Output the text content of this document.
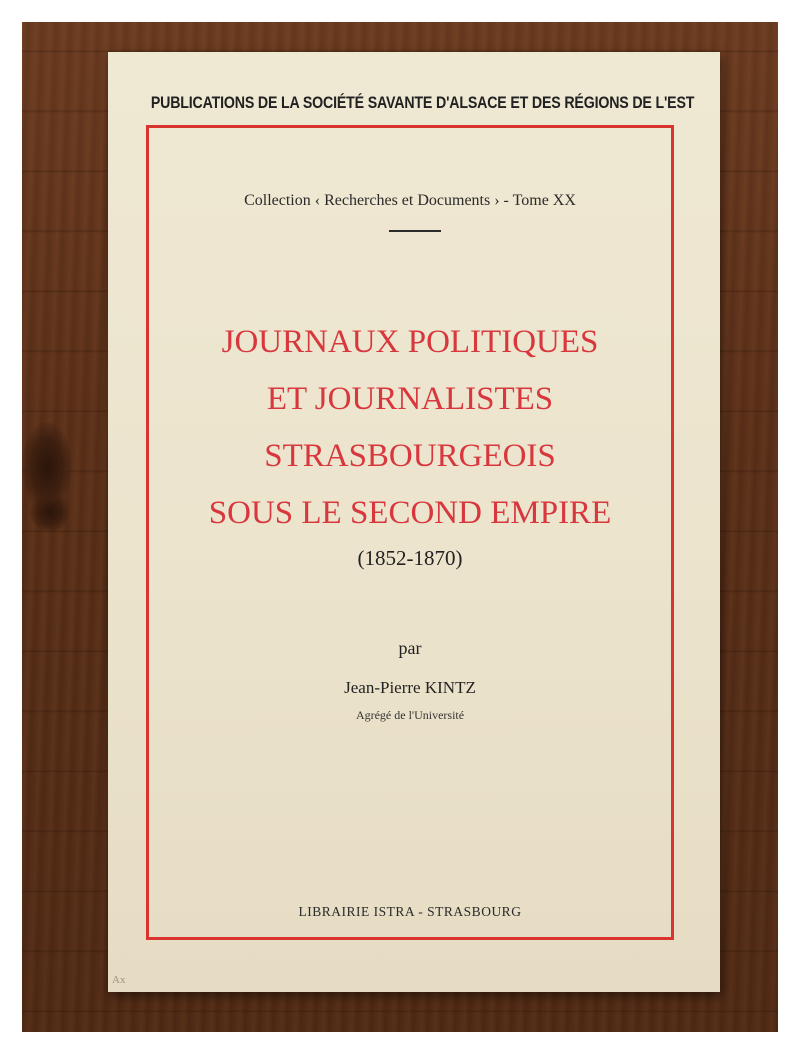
PUBLICATIONS DE LA SOCIÉTÉ SAVANTE D'ALSACE ET DES RÉGIONS DE L'EST
Collection ‹ Recherches et Documents › - Tome XX
JOURNAUX POLITIQUES
ET JOURNALISTES
STRASBOURGEOIS
SOUS LE SECOND EMPIRE
(1852-1870)
par
Jean-Pierre KINTZ
Agrégé de l'Université
LIBRAIRIE ISTRA - STRASBOURG
Ax
